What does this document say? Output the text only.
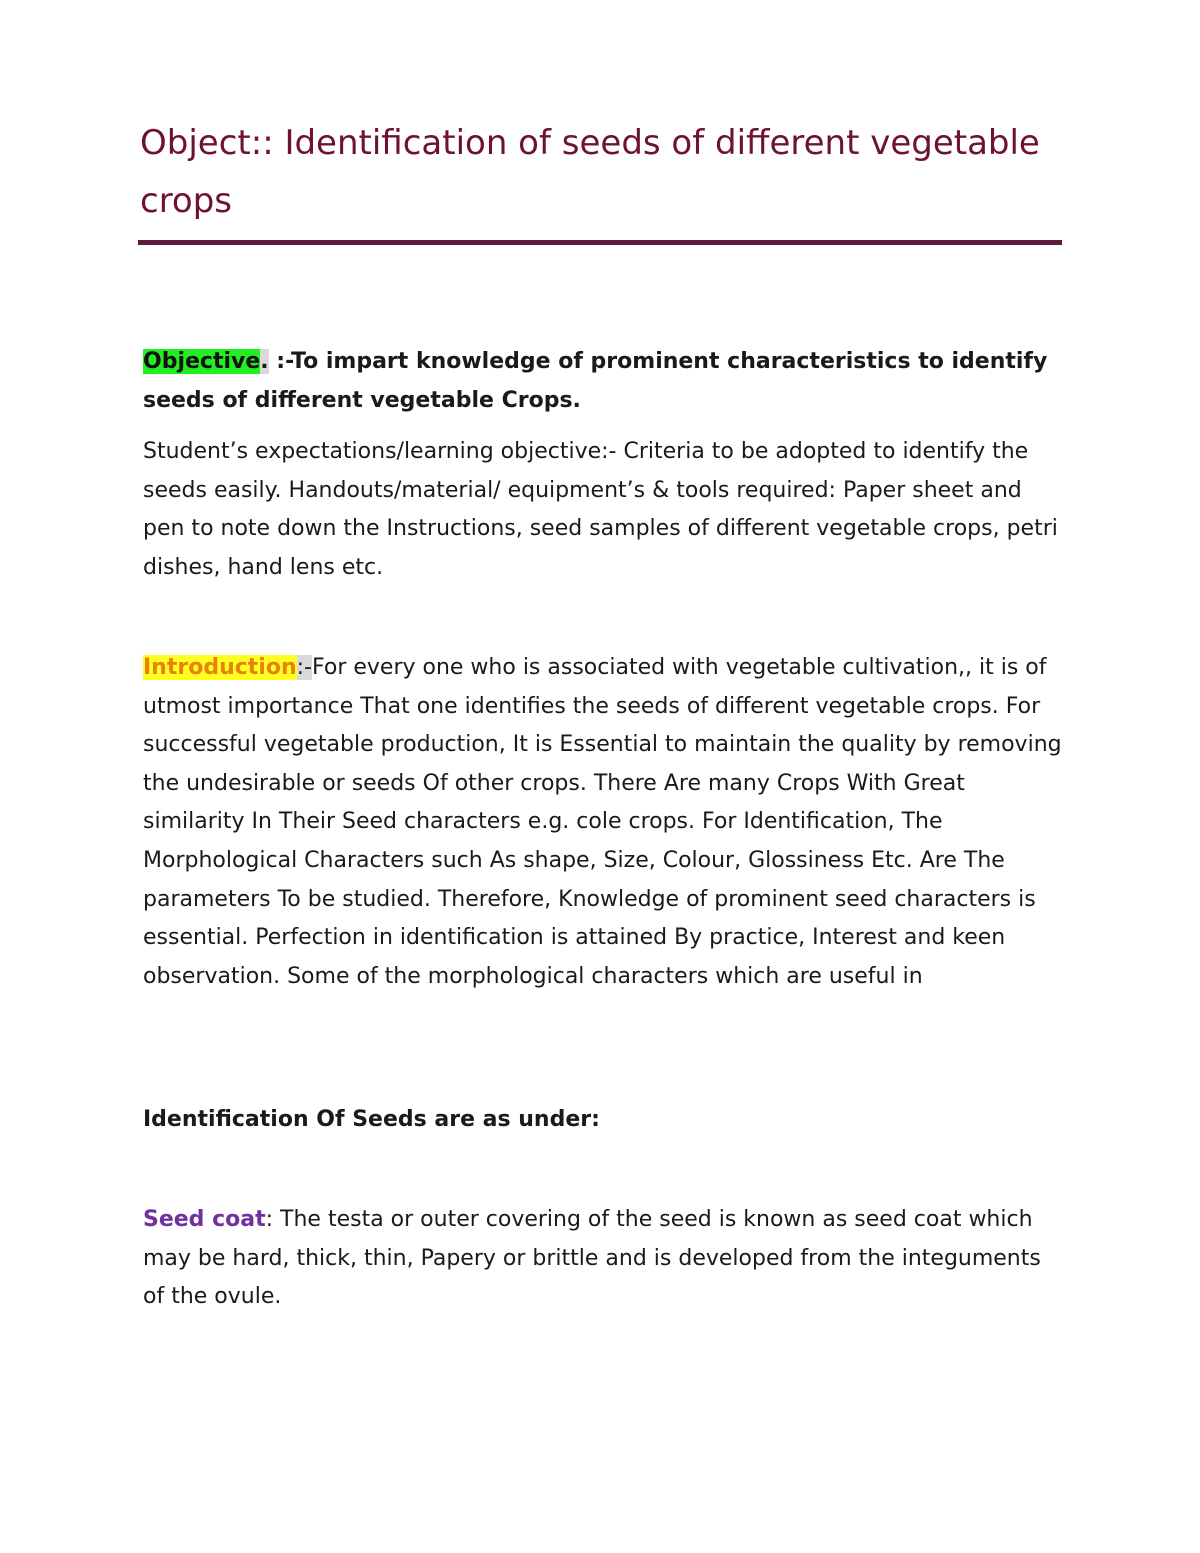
Object:: Identification of seeds of different vegetable crops

Objective. :-To impart knowledge of prominent characteristics to identify seeds of different vegetable Crops.

Student’s expectations/learning objective:- Criteria to be adopted to identify the seeds easily. Handouts/material/ equipment’s & tools required: Paper sheet and pen to note down the Instructions, seed samples of different vegetable crops, petri dishes, hand lens etc.

Introduction:-For every one who is associated with vegetable cultivation,, it is of utmost importance That one identifies the seeds of different vegetable crops. For successful vegetable production, It is Essential to maintain the quality by removing the undesirable or seeds Of other crops. There Are many Crops With Great similarity In Their Seed characters e.g. cole crops. For Identification, The Morphological Characters such As shape, Size, Colour, Glossiness Etc. Are The parameters To be studied. Therefore, Knowledge of prominent seed characters is essential. Perfection in identification is attained By practice, Interest and keen observation. Some of the morphological characters which are useful in

Identification Of Seeds are as under:

Seed coat: The testa or outer covering of the seed is known as seed coat which may be hard, thick, thin, Papery or brittle and is developed from the integuments of the ovule.
